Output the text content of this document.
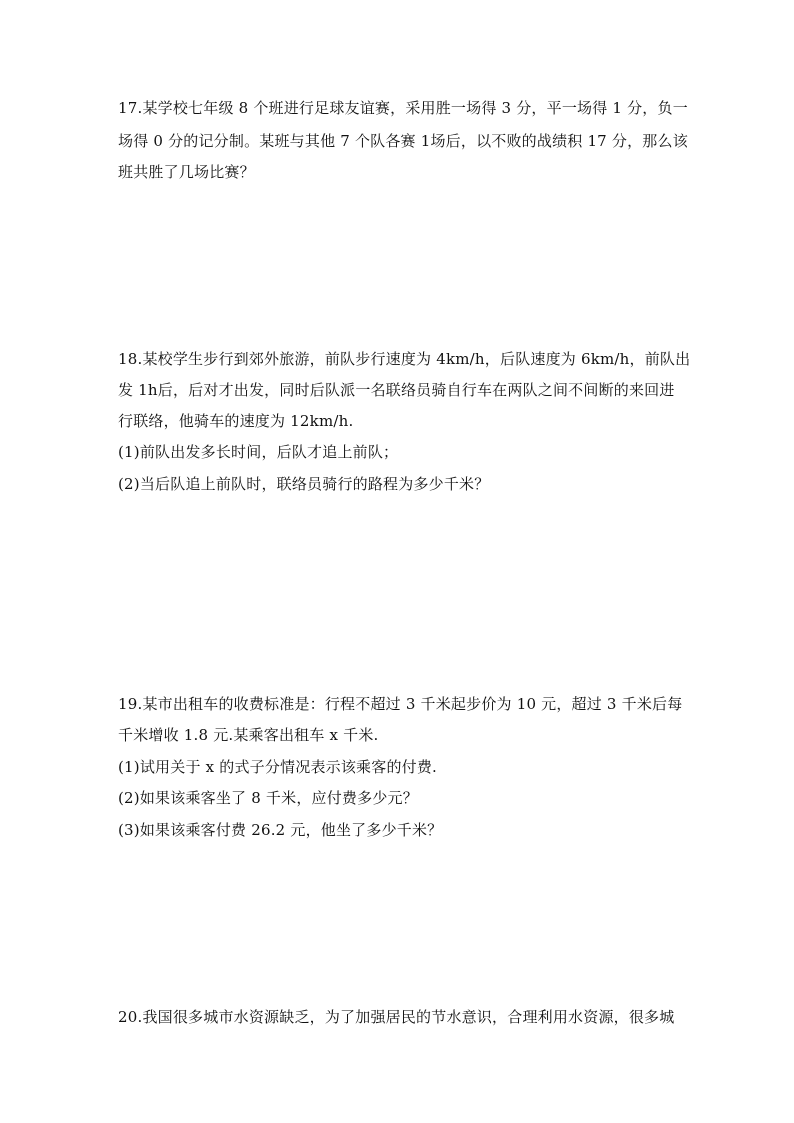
17.某学校七年级 8 个班进行足球友谊赛，采用胜一场得 3 分，平一场得 1 分，负一
场得 0 分的记分制。某班与其他 7 个队各赛 1场后，以不败的战绩积 17 分，那么该
班共胜了几场比赛？
18.某校学生步行到郊外旅游，前队步行速度为 4km/h，后队速度为 6km/h，前队出
发 1h后，后对才出发，同时后队派一名联络员骑自行车在两队之间不间断的来回进
行联络，他骑车的速度为 12km/h.
(1)前队出发多长时间，后队才追上前队；
(2)当后队追上前队时，联络员骑行的路程为多少千米？
19.某市出租车的收费标准是：行程不超过 3 千米起步价为 10 元，超过 3 千米后每
千米增收 1.8 元.某乘客出租车 x 千米.
(1)试用关于 x 的式子分情况表示该乘客的付费.
(2)如果该乘客坐了 8 千米，应付费多少元？
(3)如果该乘客付费 26.2 元，他坐了多少千米？
20.我国很多城市水资源缺乏，为了加强居民的节水意识，合理利用水资源，很多城
